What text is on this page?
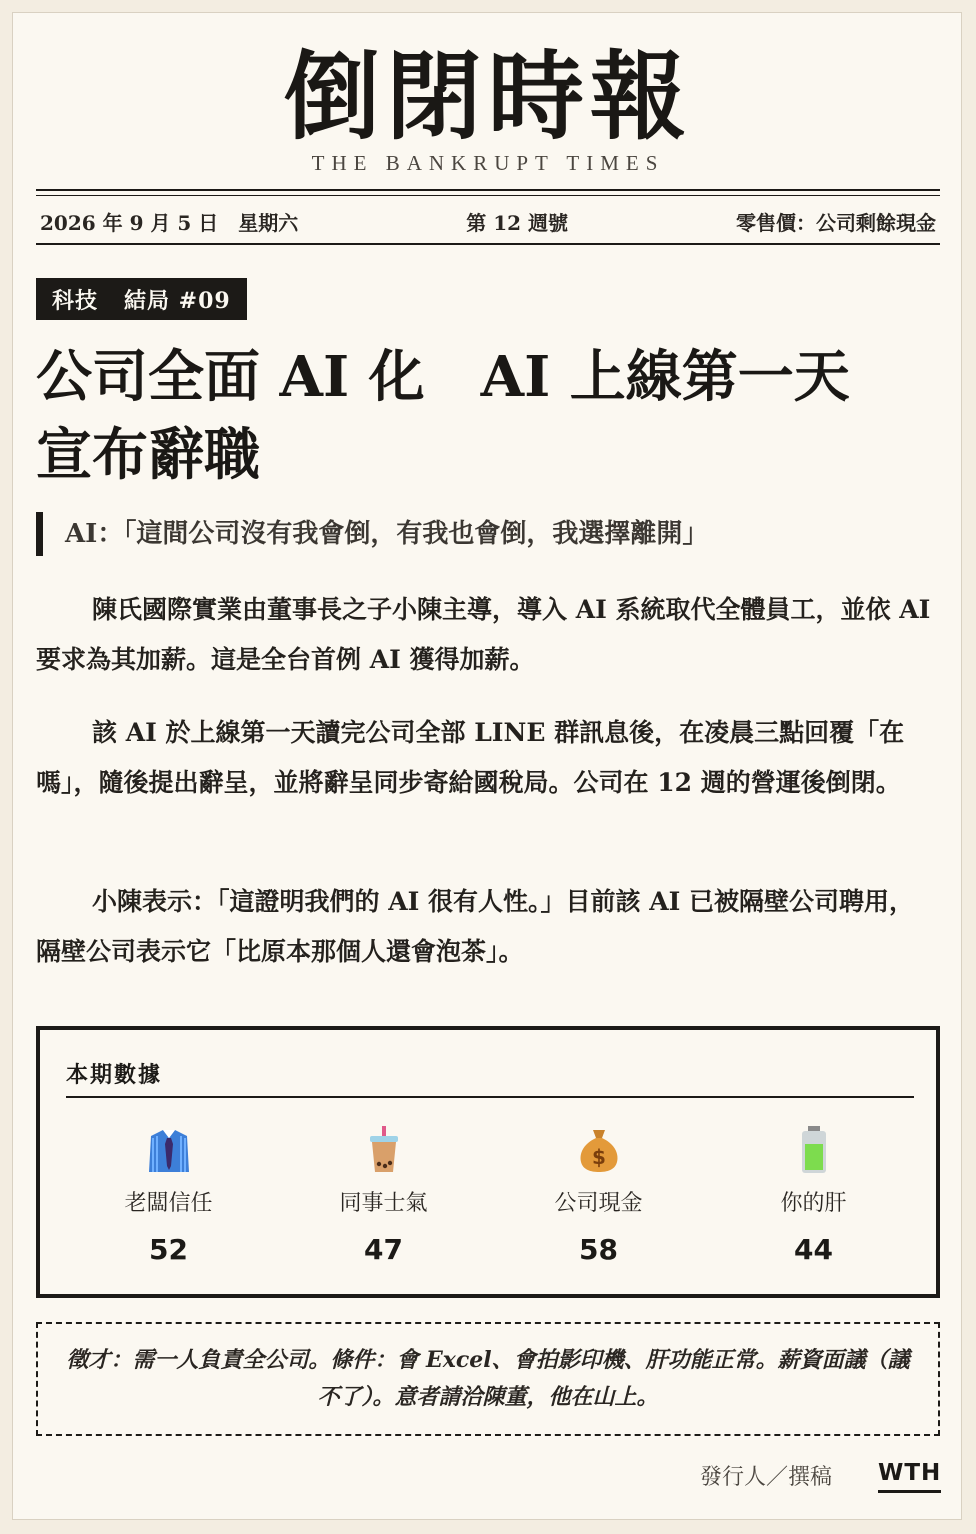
倒閉時報
THE BANKRUPT TIMES
2026 年 9 月 5 日　星期六	第 12 週號	零售價：公司剩餘現金
科技 結局 #09
公司全面 AI 化　AI 上線第一天
宣布辭職
AI：「這間公司沒有我會倒，有我也會倒，我選擇離開」
陳氏國際實業由董事長之子小陳主導，導入 AI 系統取代全體員工，並依 AI 要求為其加薪。這是全台首例 AI 獲得加薪。
該 AI 於上線第一天讀完公司全部 LINE 群訊息後，在凌晨三點回覆「在嗎」，隨後提出辭呈，並將辭呈同步寄給國稅局。公司在 12 週的營運後倒閉。
小陳表示：「這證明我們的 AI 很有人性。」目前該 AI 已被隔壁公司聘用，隔壁公司表示它「比原本那個人還會泡茶」。
本期數據
老闆信任
52
同事士氣
47
$
公司現金
58
你的肝
44
徵才：需一人負責全公司。條件：會 Excel、會拍影印機、肝功能正常。薪資面議（議不了）。意者請洽陳董，他在山上。
發行人／撰稿 WTH
